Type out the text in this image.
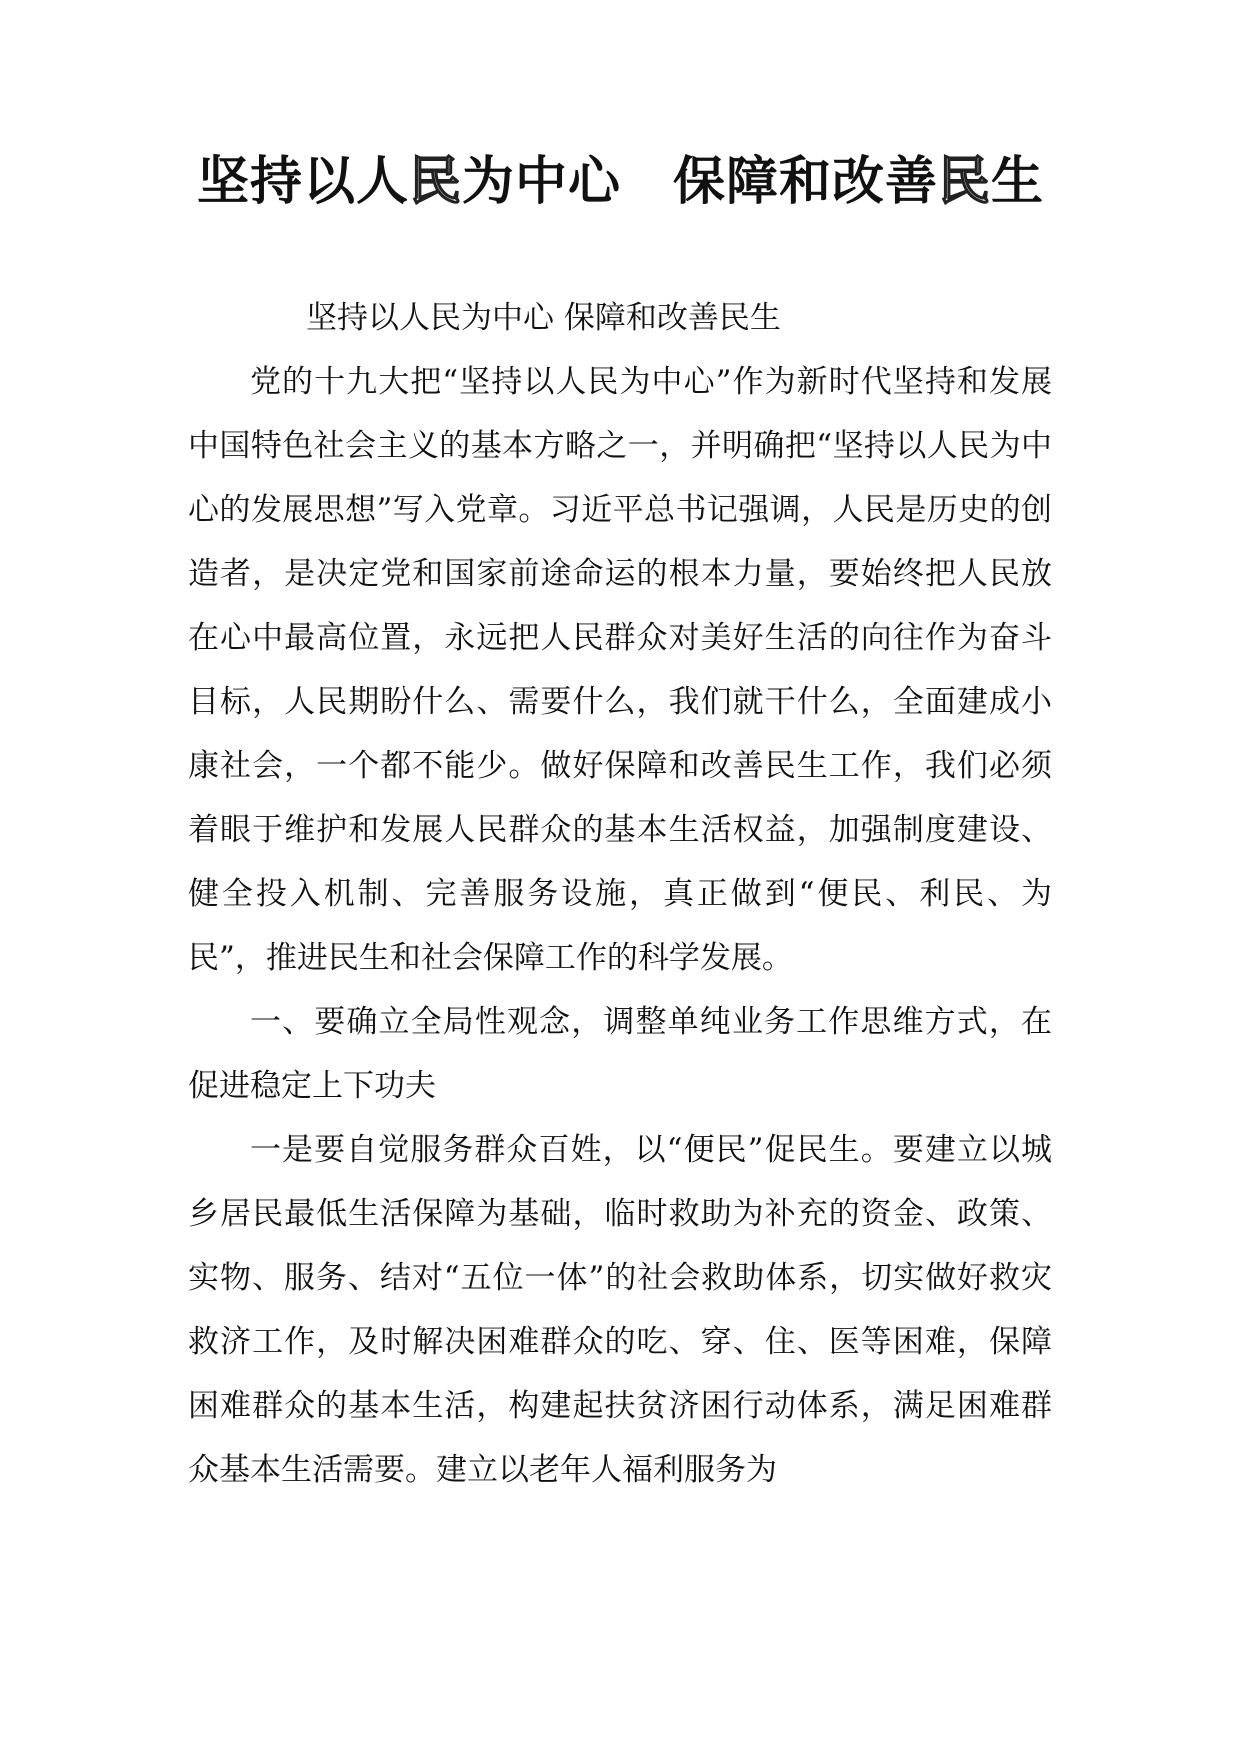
坚持以人民为中心 保障和改善民生
坚持以人民为中心 保障和改善民生

党的十九大把“坚持以人民为中心”作为新时代坚持和发展中国特色社会主义的基本方略之一，并明确把“坚持以人民为中心的发展思想”写入党章。习近平总书记强调，人民是历史的创造者，是决定党和国家前途命运的根本力量，要始终把人民放在心中最高位置，永远把人民群众对美好生活的向往作为奋斗目标，人民期盼什么、需要什么，我们就干什么，全面建成小康社会，一个都不能少。做好保障和改善民生工作，我们必须着眼于维护和发展人民群众的基本生活权益，加强制度建设、健全投入机制、完善服务设施，真正做到“便民、利民、为民”，推进民生和社会保障工作的科学发展。

一、要确立全局性观念，调整单纯业务工作思维方式，在促进稳定上下功夫

一是要自觉服务群众百姓，以“便民”促民生。要建立以城乡居民最低生活保障为基础，临时救助为补充的资金、政策、实物、服务、结对“五位一体”的社会救助体系，切实做好救灾救济工作，及时解决困难群众的吃、穿、住、医等困难，保障困难群众的基本生活，构建起扶贫济困行动体系，满足困难群众基本生活需要。建立以老年人福利服务为
